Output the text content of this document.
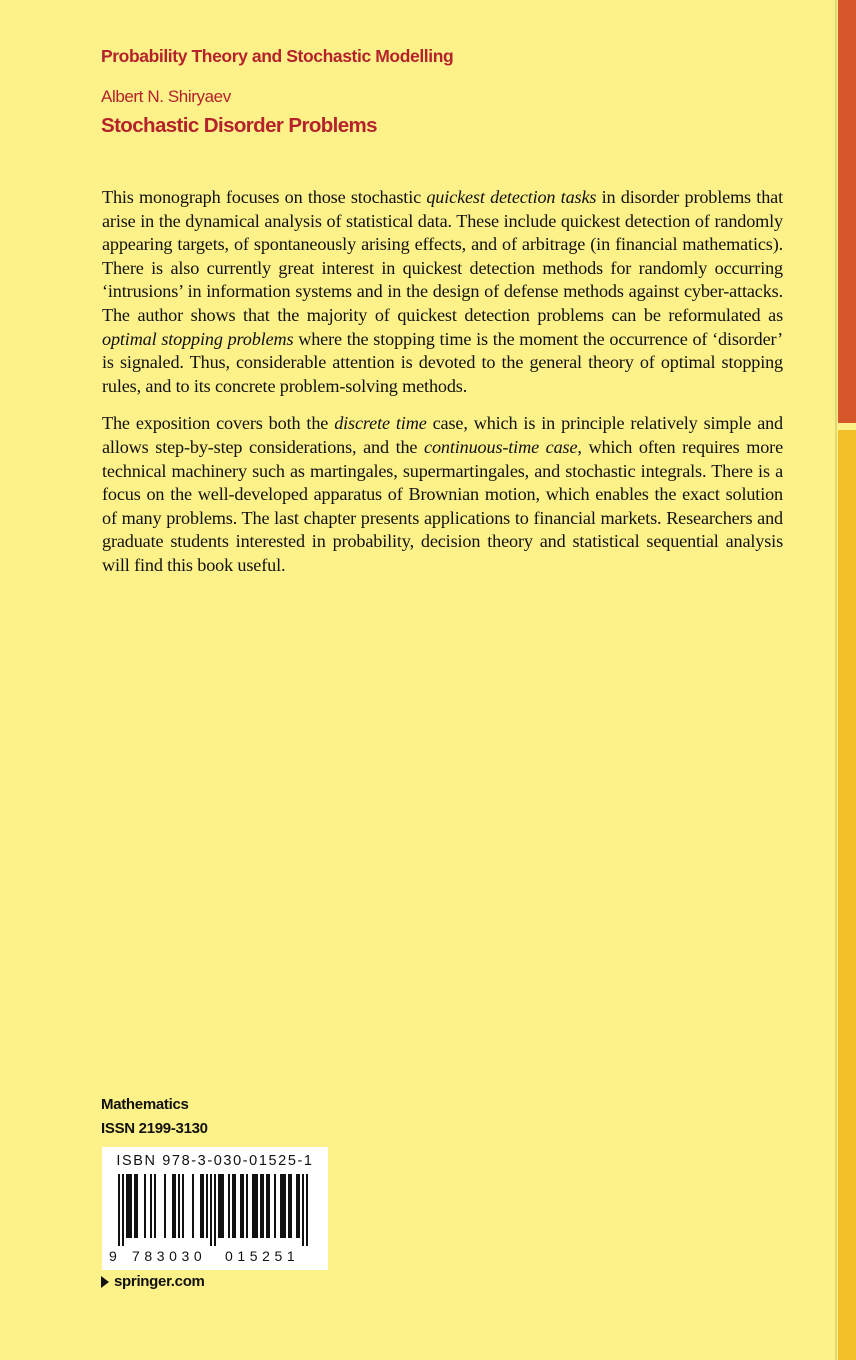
Probability Theory and Stochastic Modelling
Albert N. Shiryaev
Stochastic Disorder Problems

This monograph focuses on those stochastic quickest detection tasks in disorder problems that arise in the dynamical analysis of statistical data. These include quickest detection of randomly appearing targets, of spontaneously arising effects, and of arbitrage (in financial mathematics). There is also currently great interest in quickest detection methods for randomly occurring ‘intrusions’ in information systems and in the design of defense methods against cyber-attacks. The author shows that the majority of quickest detection problems can be reformulated as optimal stopping problems where the stopping time is the moment the occurrence of ‘disorder’ is signaled. Thus, considerable attention is devoted to the general theory of optimal stopping rules, and to its concrete problem-solving methods.

The exposition covers both the discrete time case, which is in principle relatively simple and allows step-by-step considerations, and the continuous-time case, which often requires more technical machinery such as martingales, supermartingales, and stochastic integrals. There is a focus on the well-developed apparatus of Brownian motion, which enables the exact solution of many problems. The last chapter presents applications to financial markets. Researchers and graduate students interested in probability, decision theory and statistical sequential analysis will find this book useful.

Mathematics
ISSN 2199-3130
ISBN 978-3-030-01525-1
9 783030 015251
springer.com
